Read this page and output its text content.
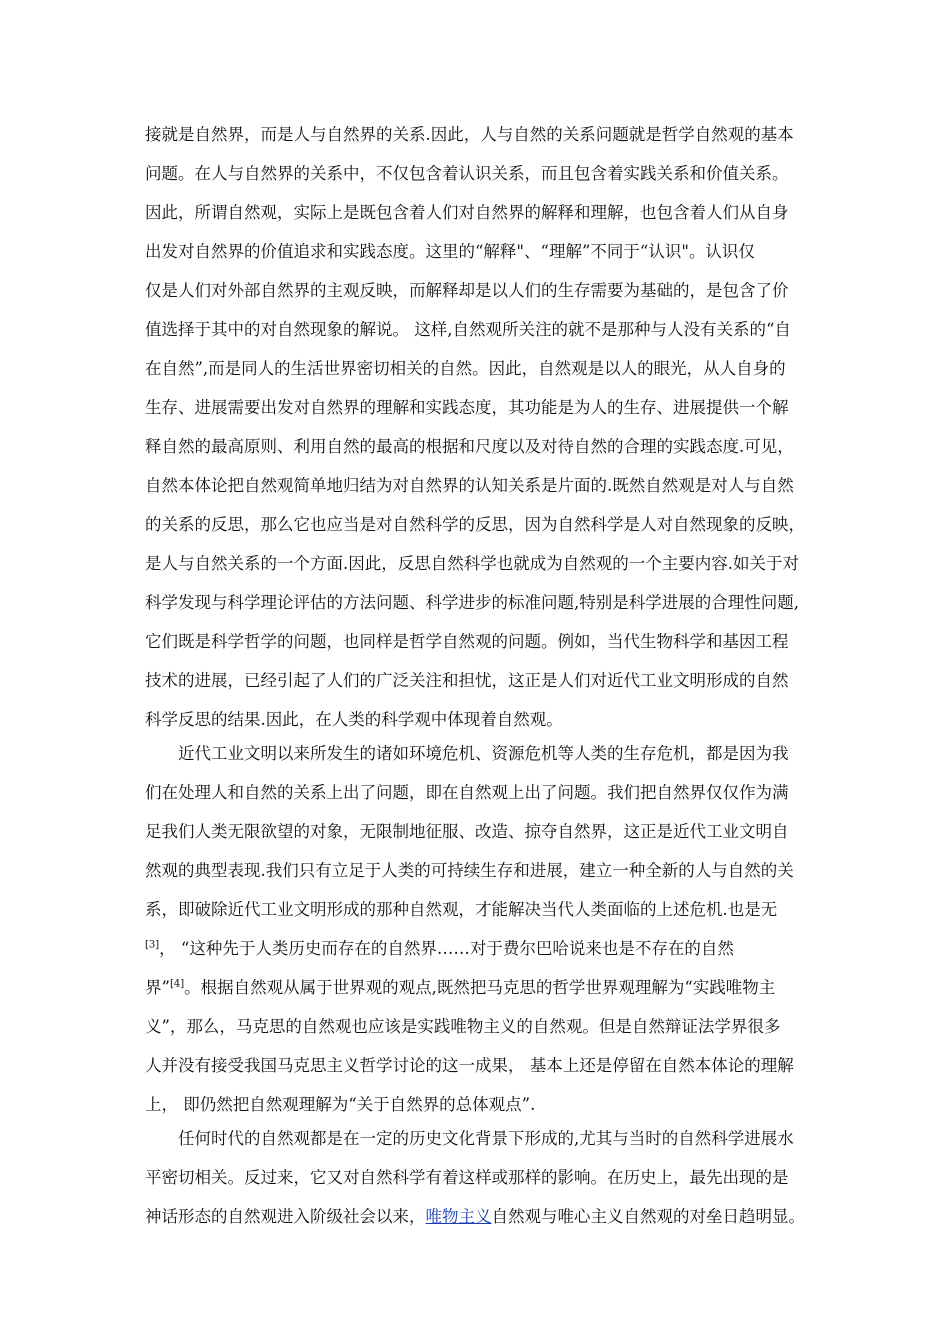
接就是自然界，而是人与自然界的关系.因此，人与自然的关系问题就是哲学自然观的基本
问题。在人与自然界的关系中，不仅包含着认识关系，而且包含着实践关系和价值关系。
因此，所谓自然观，实际上是既包含着人们对自然界的解释和理解，也包含着人们从自身
出发对自然界的价值追求和实践态度。这里的“解释"、“理解”不同于“认识"。认识仅
仅是人们对外部自然界的主观反映，而解释却是以人们的生存需要为基础的，是包含了价
值选择于其中的对自然现象的解说。 这样,自然观所关注的就不是那种与人没有关系的“自
在自然”,而是同人的生活世界密切相关的自然。因此，自然观是以人的眼光，从人自身的
生存、进展需要出发对自然界的理解和实践态度，其功能是为人的生存、进展提供一个解
释自然的最高原则、利用自然的最高的根据和尺度以及对待自然的合理的实践态度.可见，
自然本体论把自然观简单地归结为对自然界的认知关系是片面的.既然自然观是对人与自然
的关系的反思，那么它也应当是对自然科学的反思，因为自然科学是人对自然现象的反映，
是人与自然关系的一个方面.因此，反思自然科学也就成为自然观的一个主要内容.如关于对
科学发现与科学理论评估的方法问题、科学进步的标准问题,特别是科学进展的合理性问题,
它们既是科学哲学的问题，也同样是哲学自然观的问题。例如，当代生物科学和基因工程
技术的进展，已经引起了人们的广泛关注和担忧，这正是人们对近代工业文明形成的自然
科学反思的结果.因此，在人类的科学观中体现着自然观。
近代工业文明以来所发生的诸如环境危机、资源危机等人类的生存危机，都是因为我
们在处理人和自然的关系上出了问题，即在自然观上出了问题。我们把自然界仅仅作为满
足我们人类无限欲望的对象，无限制地征服、改造、掠夺自然界，这正是近代工业文明自
然观的典型表现.我们只有立足于人类的可持续生存和进展，建立一种全新的人与自然的关
系，即破除近代工业文明形成的那种自然观，才能解决当代人类面临的上述危机.也是无
[3]， “这种先于人类历史而存在的自然界……对于费尔巴哈说来也是不存在的自然
界”[4]。根据自然观从属于世界观的观点,既然把马克思的哲学世界观理解为“实践唯物主
义”，那么，马克思的自然观也应该是实践唯物主义的自然观。但是自然辩证法学界很多
人并没有接受我国马克思主义哲学讨论的这一成果， 基本上还是停留在自然本体论的理解
上， 即仍然把自然观理解为“关于自然界的总体观点”.
任何时代的自然观都是在一定的历史文化背景下形成的,尤其与当时的自然科学进展水
平密切相关。反过来，它又对自然科学有着这样或那样的影响。在历史上，最先出现的是
神话形态的自然观进入阶级社会以来，唯物主义自然观与唯心主义自然观的对垒日趋明显。
